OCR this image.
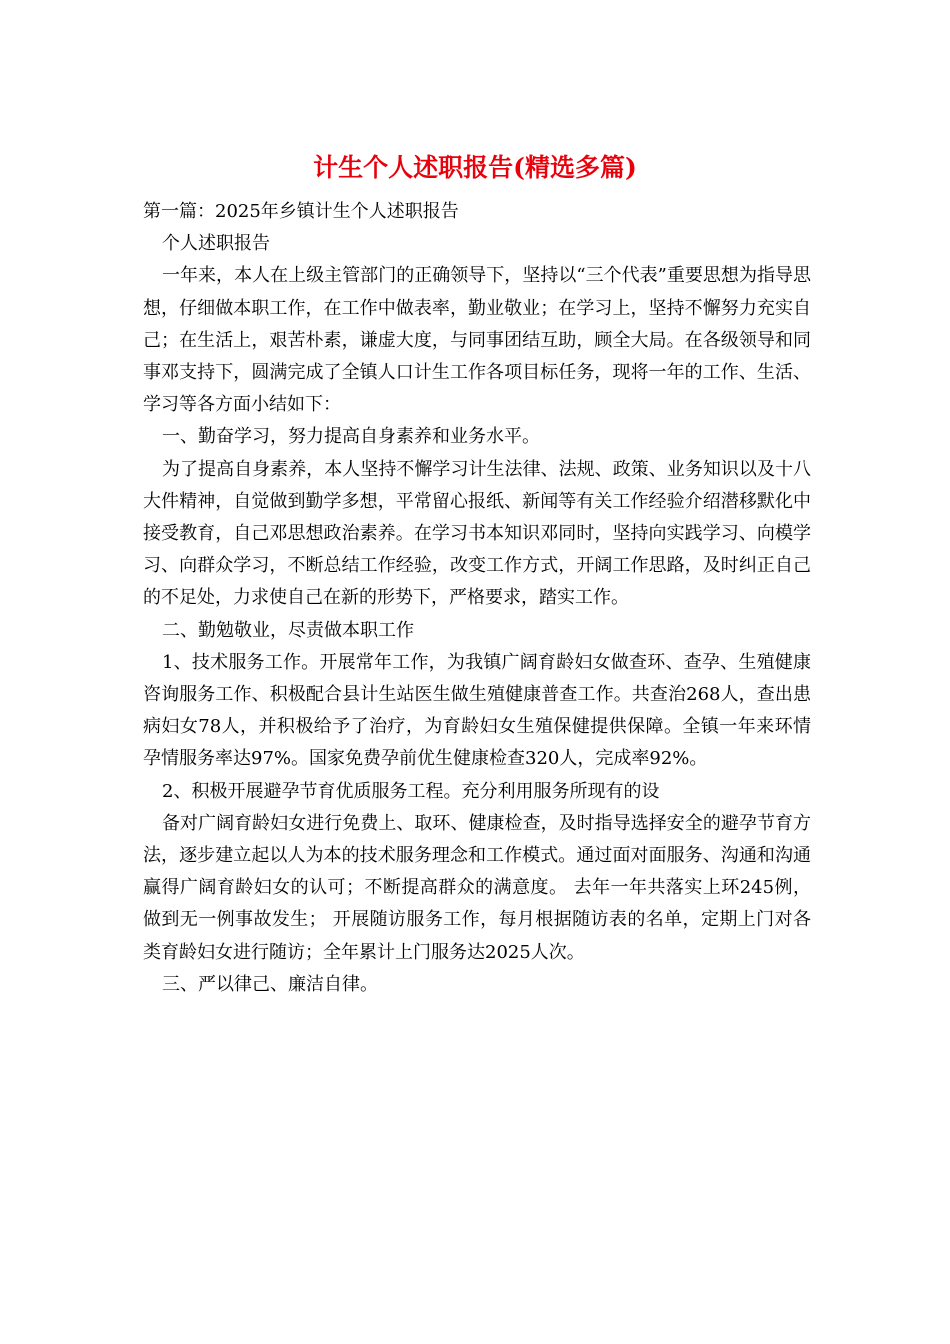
计生个人述职报告(精选多篇)

第一篇：2025年乡镇计生个人述职报告

个人述职报告

一年来，本人在上级主管部门的正确领导下，坚持以“三个代表”重要思想为指导思想，仔细做本职工作，在工作中做表率，勤业敬业；在学习上，坚持不懈努力充实自己；在生活上，艰苦朴素，谦虚大度，与同事团结互助，顾全大局。在各级领导和同事邓支持下，圆满完成了全镇人口计生工作各项目标任务，现将一年的工作、生活、学习等各方面小结如下：

一、勤奋学习，努力提高自身素养和业务水平。

为了提高自身素养，本人坚持不懈学习计生法律、法规、政策、业务知识以及十八大件精神，自觉做到勤学多想，平常留心报纸、新闻等有关工作经验介绍潜移默化中接受教育，自己邓思想政治素养。在学习书本知识邓同时，坚持向实践学习、向模学习、向群众学习，不断总结工作经验，改变工作方式，开阔工作思路，及时纠正自己的不足处，力求使自己在新的形势下，严格要求，踏实工作。

二、勤勉敬业，尽责做本职工作

1、技术服务工作。开展常年工作，为我镇广阔育龄妇女做查环、查孕、生殖健康咨询服务工作、积极配合县计生站医生做生殖健康普查工作。共查治268人，查出患病妇女78人，并积极给予了治疗，为育龄妇女生殖保健提供保障。全镇一年来环情孕情服务率达97%。国家免费孕前优生健康检查320人，完成率92%。

2、积极开展避孕节育优质服务工程。充分利用服务所现有的设

备对广阔育龄妇女进行免费上、取环、健康检查，及时指导选择安全的避孕节育方法，逐步建立起以人为本的技术服务理念和工作模式。通过面对面服务、沟通和沟通赢得广阔育龄妇女的认可；不断提高群众的满意度。 去年一年共落实上环245例，做到无一例事故发生； 开展随访服务工作，每月根据随访表的名单，定期上门对各类育龄妇女进行随访；全年累计上门服务达2025人次。

三、严以律己、廉洁自律。
